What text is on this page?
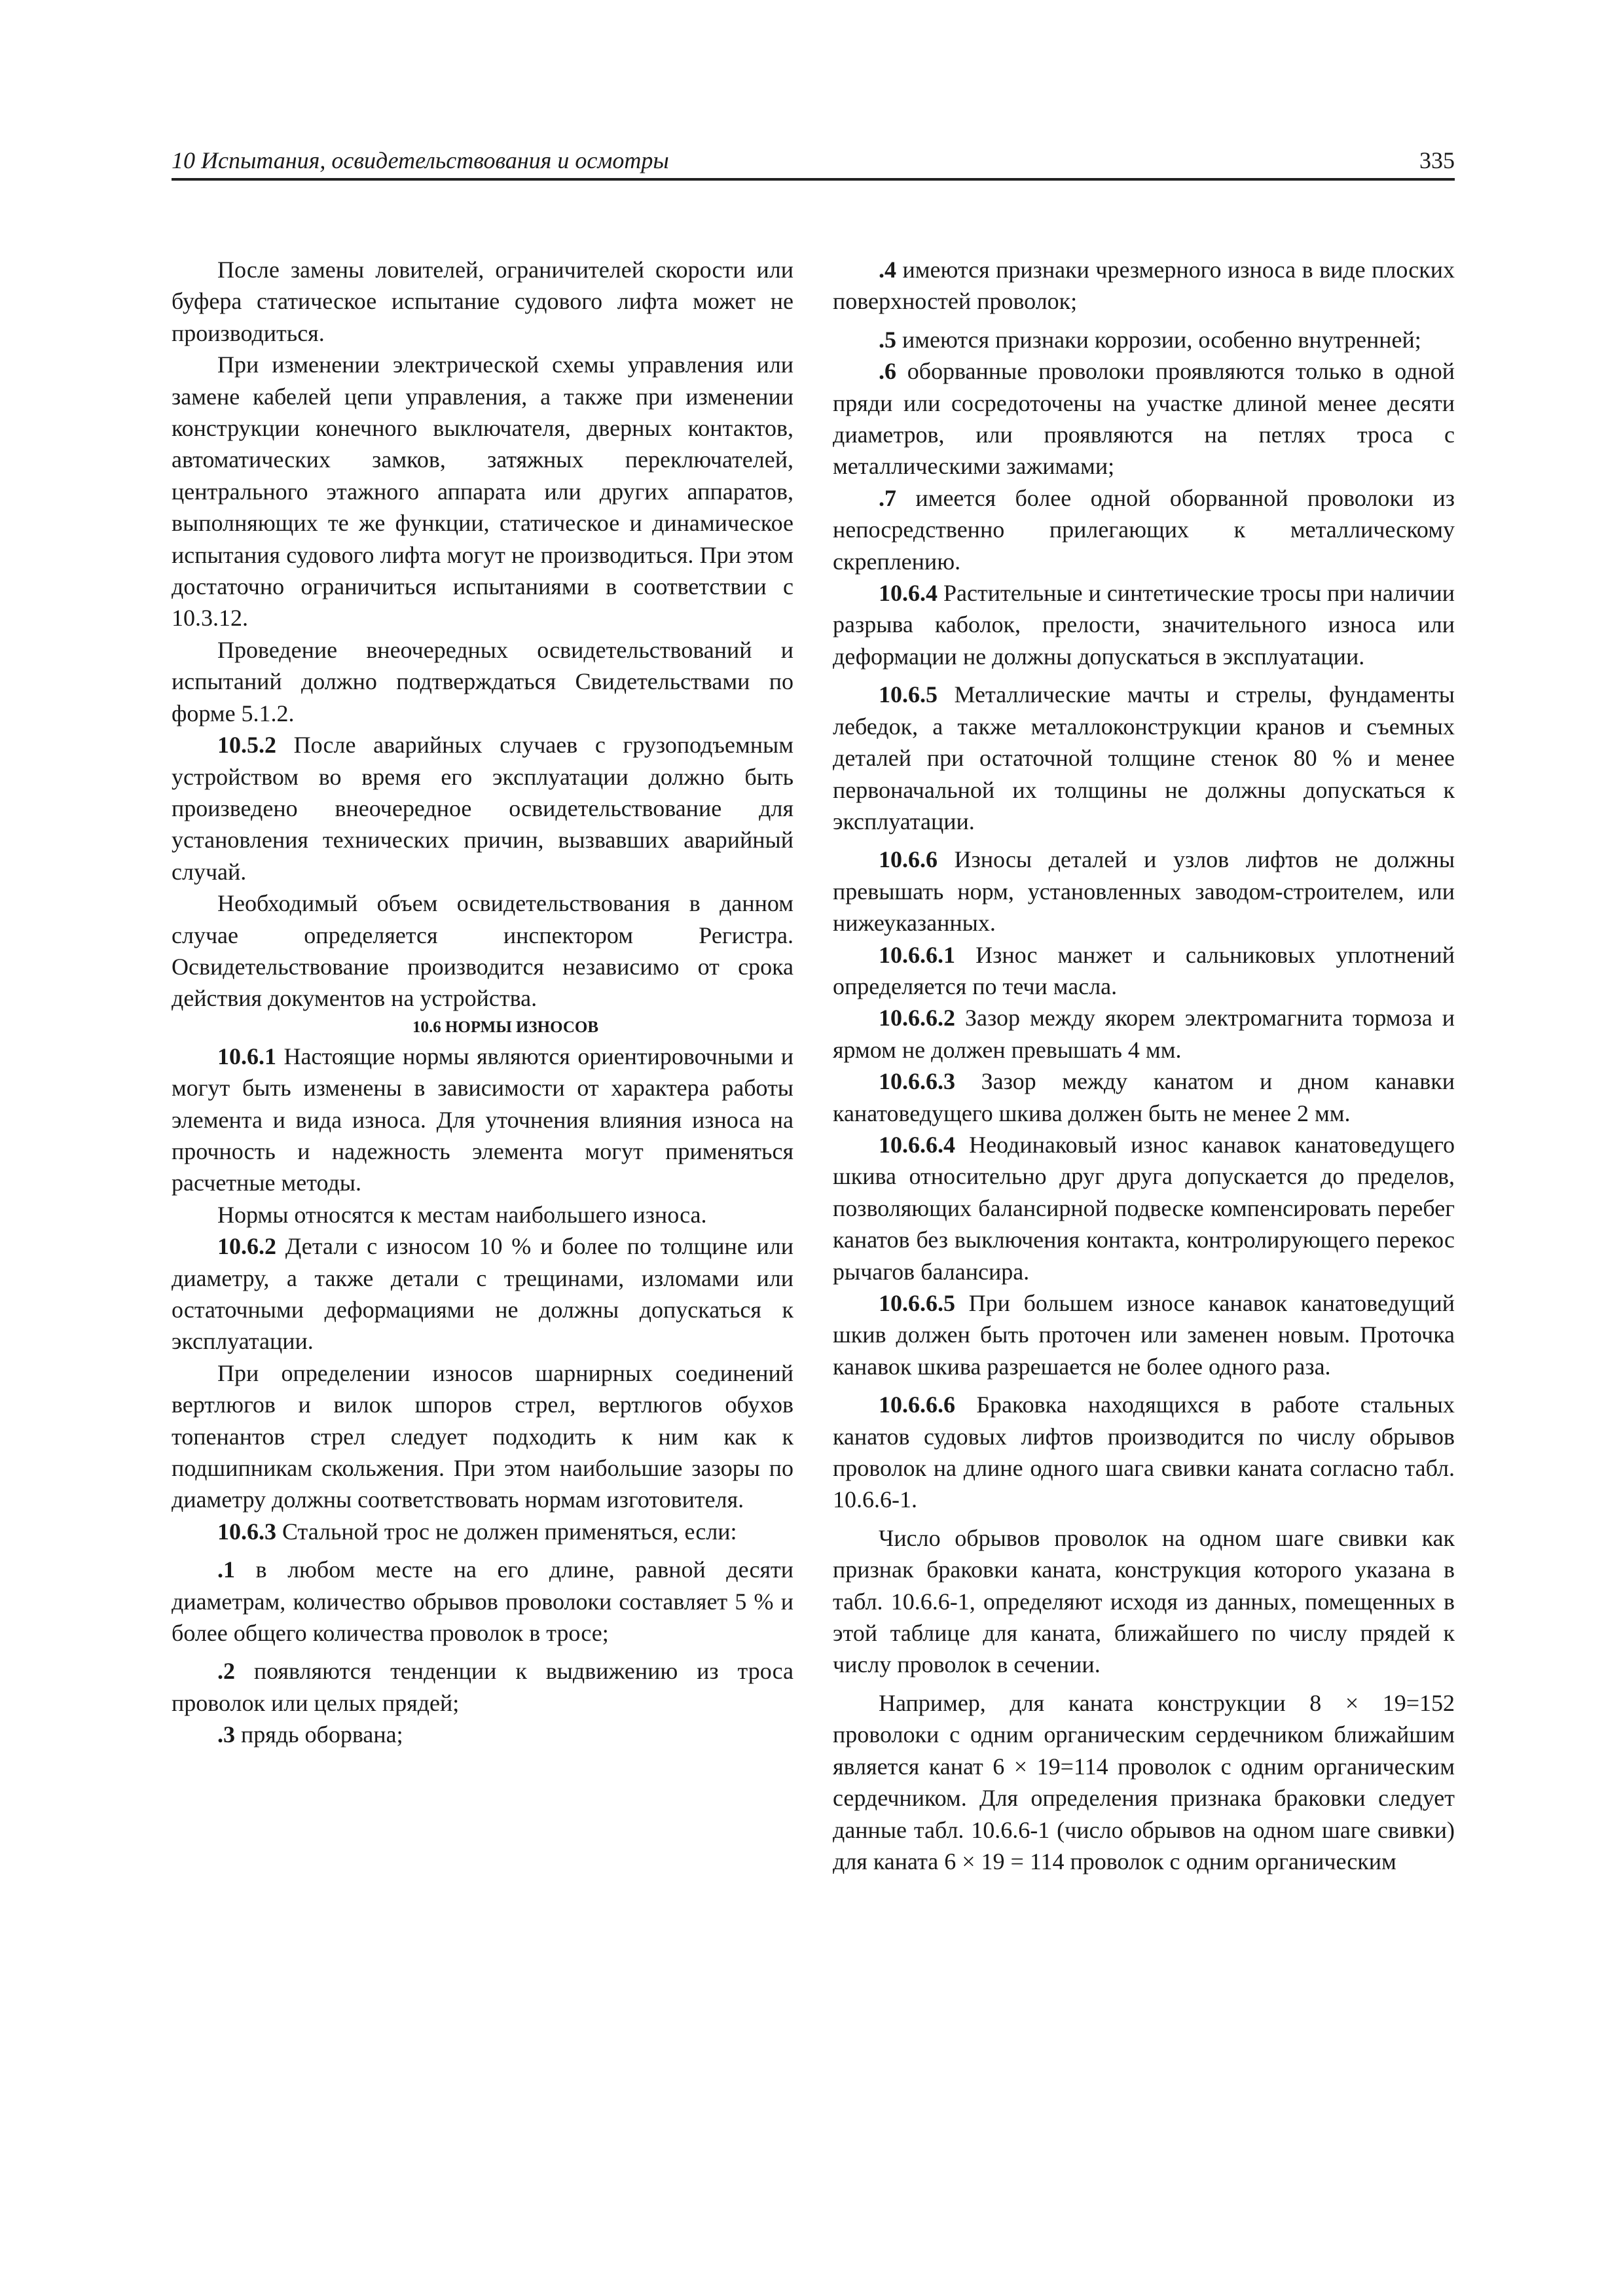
10 Испытания, освидетельствования и осмотры	335

После замены ловителей, ограничителей скорости или буфера статическое испытание судового лифта может не производиться.

При изменении электрической схемы управления или замене кабелей цепи управления, а также при изменении конструкции конечного выключателя, дверных контактов, автоматических замков, затяжных переключателей, центрального этажного аппарата или других аппаратов, выполняющих те же функции, статическое и динамическое испытания судового лифта могут не производиться. При этом достаточно ограничиться испытаниями в соответствии с 10.3.12.

Проведение внеочередных освидетельствований и испытаний должно подтверждаться Свидетельствами по форме 5.1.2.

10.5.2 После аварийных случаев с грузоподъемным устройством во время его эксплуатации должно быть произведено внеочередное освидетельствование для установления технических причин, вызвавших аварийный случай.

Необходимый объем освидетельствования в данном случае определяется инспектором Регистра. Освидетельствование производится независимо от срока действия документов на устройства.

10.6 НОРМЫ ИЗНОСОВ

10.6.1 Настоящие нормы являются ориентировочными и могут быть изменены в зависимости от характера работы элемента и вида износа. Для уточнения влияния износа на прочность и надежность элемента могут применяться расчетные методы.

Нормы относятся к местам наибольшего износа.

10.6.2 Детали с износом 10 % и более по толщине или диаметру, а также детали с трещинами, изломами или остаточными деформациями не должны допускаться к эксплуатации.

При определении износов шарнирных соединений вертлюгов и вилок шпоров стрел, вертлюгов обухов топенантов стрел следует подходить к ним как к подшипникам скольжения. При этом наибольшие зазоры по диаметру должны соответствовать нормам изготовителя.

10.6.3 Стальной трос не должен применяться, если:

.1 в любом месте на его длине, равной десяти диаметрам, количество обрывов проволоки составляет 5 % и более общего количества проволок в тросе;

.2 появляются тенденции к выдвижению из троса проволок или целых прядей;

.3 прядь оборвана;

.4 имеются признаки чрезмерного износа в виде плоских поверхностей проволок;

.5 имеются признаки коррозии, особенно внутренней;

.6 оборванные проволоки проявляются только в одной пряди или сосредоточены на участке длиной менее десяти диаметров, или проявляются на петлях троса с металлическими зажимами;

.7 имеется более одной оборванной проволоки из непосредственно прилегающих к металлическому скреплению.

10.6.4 Растительные и синтетические тросы при наличии разрыва каболок, прелости, значительного износа или деформации не должны допускаться в эксплуатации.

10.6.5 Металлические мачты и стрелы, фундаменты лебедок, а также металлоконструкции кранов и съемных деталей при остаточной толщине стенок 80 % и менее первоначальной их толщины не должны допускаться к эксплуатации.

10.6.6 Износы деталей и узлов лифтов не должны превышать норм, установленных заводом-строителем, или нижеуказанных.

10.6.6.1 Износ манжет и сальниковых уплотнений определяется по течи масла.

10.6.6.2 Зазор между якорем электромагнита тормоза и ярмом не должен превышать 4 мм.

10.6.6.3 Зазор между канатом и дном канавки канатоведущего шкива должен быть не менее 2 мм.

10.6.6.4 Неодинаковый износ канавок канатоведущего шкива относительно друг друга допускается до пределов, позволяющих балансирной подвеске компенсировать перебег канатов без выключения контакта, контролирующего перекос рычагов балансира.

10.6.6.5 При большем износе канавок канатоведущий шкив должен быть проточен или заменен новым. Проточка канавок шкива разрешается не более одного раза.

10.6.6.6 Браковка находящихся в работе стальных канатов судовых лифтов производится по числу обрывов проволок на длине одного шага свивки каната согласно табл. 10.6.6-1.

Число обрывов проволок на одном шаге свивки как признак браковки каната, конструкция которого указана в табл. 10.6.6-1, определяют исходя из данных, помещенных в этой таблице для каната, ближайшего по числу прядей к числу проволок в сечении.

Например, для каната конструкции 8 × 19=152 проволоки с одним органическим сердечником ближайшим является канат 6 × 19=114 проволок с одним органическим сердечником. Для определения признака браковки следует данные табл. 10.6.6-1 (число обрывов на одном шаге свивки) для каната 6 × 19 = 114 проволок с одним органическим
